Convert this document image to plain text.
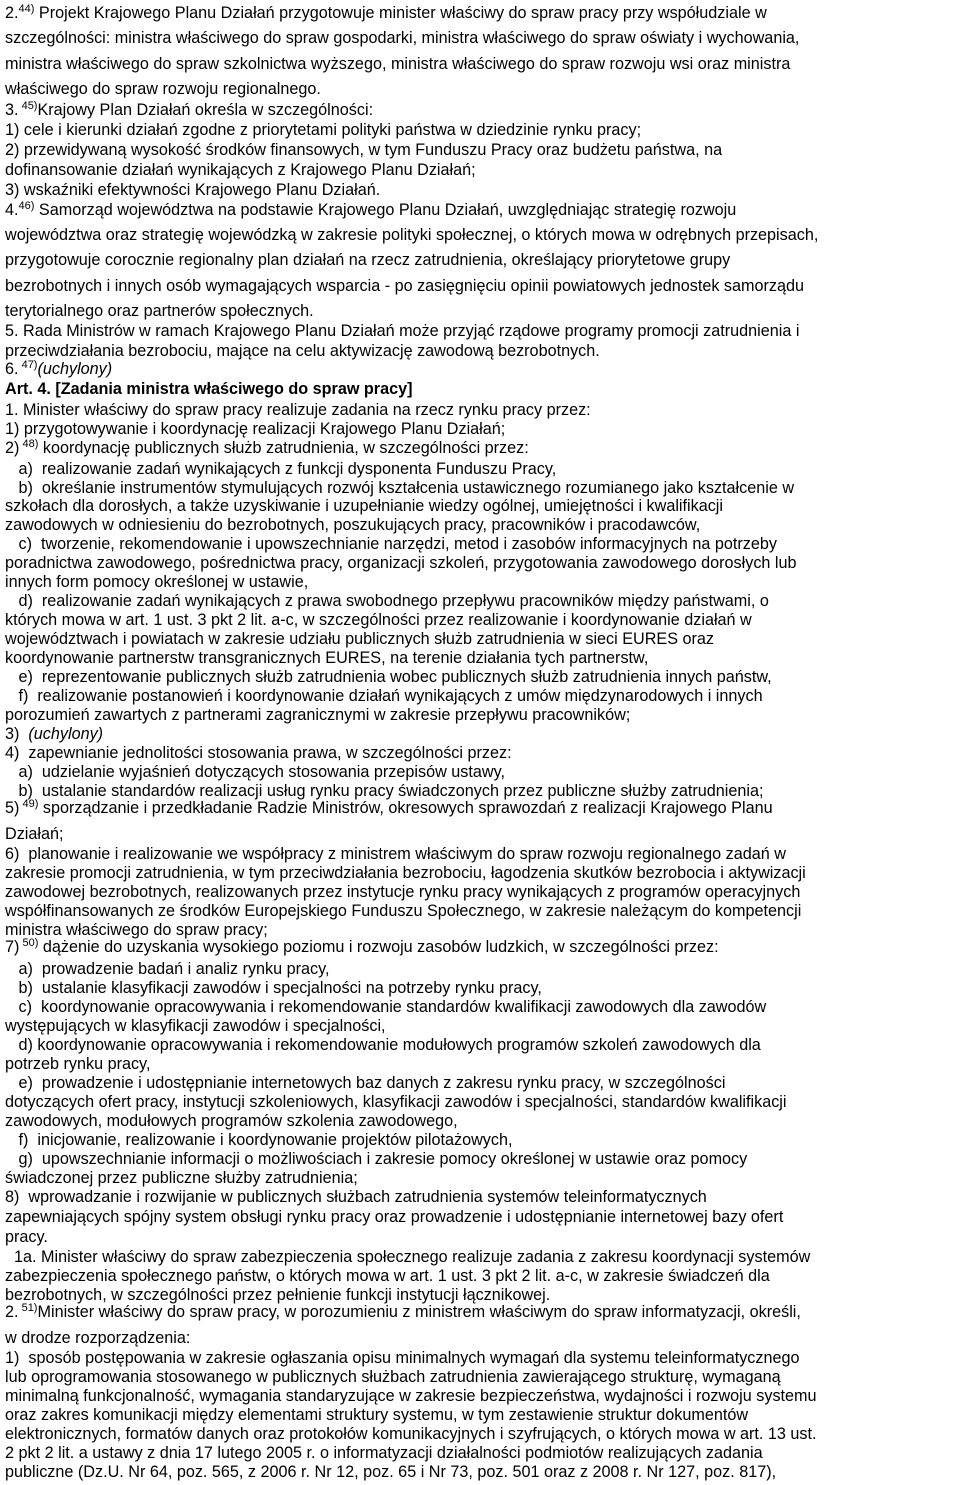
2.$^{44)}$ Projekt Krajowego Planu Działań przygotowuje minister właściwy do spraw pracy przy współudziale w
szczególności: ministra właściwego do spraw gospodarki, ministra właściwego do spraw oświaty i wychowania,
ministra właściwego do spraw szkolnictwa wyższego, ministra właściwego do spraw rozwoju wsi oraz ministra
właściwego do spraw rozwoju regionalnego.
3. $^{45)}$Krajowy Plan Działań określa w szczególności:
1) cele i kierunki działań zgodne z priorytetami polityki państwa w dziedzinie rynku pracy;
2) przewidywaną wysokość środków finansowych, w tym Funduszu Pracy oraz budżetu państwa, na
dofinansowanie działań wynikających z Krajowego Planu Działań;
3) wskaźniki efektywności Krajowego Planu Działań.
4.$^{46)}$ Samorząd województwa na podstawie Krajowego Planu Działań, uwzględniając strategię rozwoju
województwa oraz strategię wojewódzką w zakresie polityki społecznej, o których mowa w odrębnych przepisach,
przygotowuje corocznie regionalny plan działań na rzecz zatrudnienia, określający priorytetowe grupy
bezrobotnych i innych osób wymagających wsparcia - po zasięgnięciu opinii powiatowych jednostek samorządu
terytorialnego oraz partnerów społecznych.
5. Rada Ministrów w ramach Krajowego Planu Działań może przyjąć rządowe programy promocji zatrudnienia i
przeciwdziałania bezrobociu, mające na celu aktywizację zawodową bezrobotnych.
6. $^{47)}$(uchylony)
Art. 4. [Zadania ministra właściwego do spraw pracy]
1. Minister właściwy do spraw pracy realizuje zadania na rzecz rynku pracy przez:
1) przygotowywanie i koordynację realizacji Krajowego Planu Działań;
2) $^{48)}$ koordynację publicznych służb zatrudnienia, w szczególności przez:
a)  realizowanie zadań wynikających z funkcji dysponenta Funduszu Pracy,
b)  określanie instrumentów stymulujących rozwój kształcenia ustawicznego rozumianego jako kształcenie w
szkołach dla dorosłych, a także uzyskiwanie i uzupełnianie wiedzy ogólnej, umiejętności i kwalifikacji
zawodowych w odniesieniu do bezrobotnych, poszukujących pracy, pracowników i pracodawców,
c)  tworzenie, rekomendowanie i upowszechnianie narzędzi, metod i zasobów informacyjnych na potrzeby
poradnictwa zawodowego, pośrednictwa pracy, organizacji szkoleń, przygotowania zawodowego dorosłych lub
innych form pomocy określonej w ustawie,
d)  realizowanie zadań wynikających z prawa swobodnego przepływu pracowników między państwami, o
których mowa w art. 1 ust. 3 pkt 2 lit. a-c, w szczególności przez realizowanie i koordynowanie działań w
województwach i powiatach w zakresie udziału publicznych służb zatrudnienia w sieci EURES oraz
koordynowanie partnerstw transgranicznych EURES, na terenie działania tych partnerstw,
e)  reprezentowanie publicznych służb zatrudnienia wobec publicznych służb zatrudnienia innych państw,
f)  realizowanie postanowień i koordynowanie działań wynikających z umów międzynarodowych i innych
porozumień zawartych z partnerami zagranicznymi w zakresie przepływu pracowników;
3)  (uchylony)
4)  zapewnianie jednolitości stosowania prawa, w szczególności przez:
a)  udzielanie wyjaśnień dotyczących stosowania przepisów ustawy,
b)  ustalanie standardów realizacji usług rynku pracy świadczonych przez publiczne służby zatrudnienia;
5) $^{49)}$ sporządzanie i przedkładanie Radzie Ministrów, okresowych sprawozdań z realizacji Krajowego Planu
Działań;
6)  planowanie i realizowanie we współpracy z ministrem właściwym do spraw rozwoju regionalnego zadań w
zakresie promocji zatrudnienia, w tym przeciwdziałania bezrobociu, łagodzenia skutków bezrobocia i aktywizacji
zawodowej bezrobotnych, realizowanych przez instytucje rynku pracy wynikających z programów operacyjnych
współfinansowanych ze środków Europejskiego Funduszu Społecznego, w zakresie należącym do kompetencji
ministra właściwego do spraw pracy;
7) $^{50)}$ dążenie do uzyskania wysokiego poziomu i rozwoju zasobów ludzkich, w szczególności przez:
a)  prowadzenie badań i analiz rynku pracy,
b)  ustalanie klasyfikacji zawodów i specjalności na potrzeby rynku pracy,
c)  koordynowanie opracowywania i rekomendowanie standardów kwalifikacji zawodowych dla zawodów
występujących w klasyfikacji zawodów i specjalności,
d) koordynowanie opracowywania i rekomendowanie modułowych programów szkoleń zawodowych dla
potrzeb rynku pracy,
e)  prowadzenie i udostępnianie internetowych baz danych z zakresu rynku pracy, w szczególności
dotyczących ofert pracy, instytucji szkoleniowych, klasyfikacji zawodów i specjalności, standardów kwalifikacji
zawodowych, modułowych programów szkolenia zawodowego,
f)  inicjowanie, realizowanie i koordynowanie projektów pilotażowych,
g)  upowszechnianie informacji o możliwościach i zakresie pomocy określonej w ustawie oraz pomocy
świadczonej przez publiczne służby zatrudnienia;
8)  wprowadzanie i rozwijanie w publicznych służbach zatrudnienia systemów teleinformatycznych
zapewniających spójny system obsługi rynku pracy oraz prowadzenie i udostępnianie internetowej bazy ofert
pracy.
1a. Minister właściwy do spraw zabezpieczenia społecznego realizuje zadania z zakresu koordynacji systemów
zabezpieczenia społecznego państw, o których mowa w art. 1 ust. 3 pkt 2 lit. a-c, w zakresie świadczeń dla
bezrobotnych, w szczególności przez pełnienie funkcji instytucji łącznikowej.
2. $^{51)}$Minister właściwy do spraw pracy, w porozumieniu z ministrem właściwym do spraw informatyzacji, określi,
w drodze rozporządzenia:
1)  sposób postępowania w zakresie ogłaszania opisu minimalnych wymagań dla systemu teleinformatycznego
lub oprogramowania stosowanego w publicznych służbach zatrudnienia zawierającego strukturę, wymaganą
minimalną funkcjonalność, wymagania standaryzujące w zakresie bezpieczeństwa, wydajności i rozwoju systemu
oraz zakres komunikacji między elementami struktury systemu, w tym zestawienie struktur dokumentów
elektronicznych, formatów danych oraz protokołów komunikacyjnych i szyfrujących, o których mowa w art. 13 ust.
2 pkt 2 lit. a ustawy z dnia 17 lutego 2005 r. o informatyzacji działalności podmiotów realizujących zadania
publiczne (Dz.U. Nr 64, poz. 565, z 2006 r. Nr 12, poz. 65 i Nr 73, poz. 501 oraz z 2008 r. Nr 127, poz. 817),
